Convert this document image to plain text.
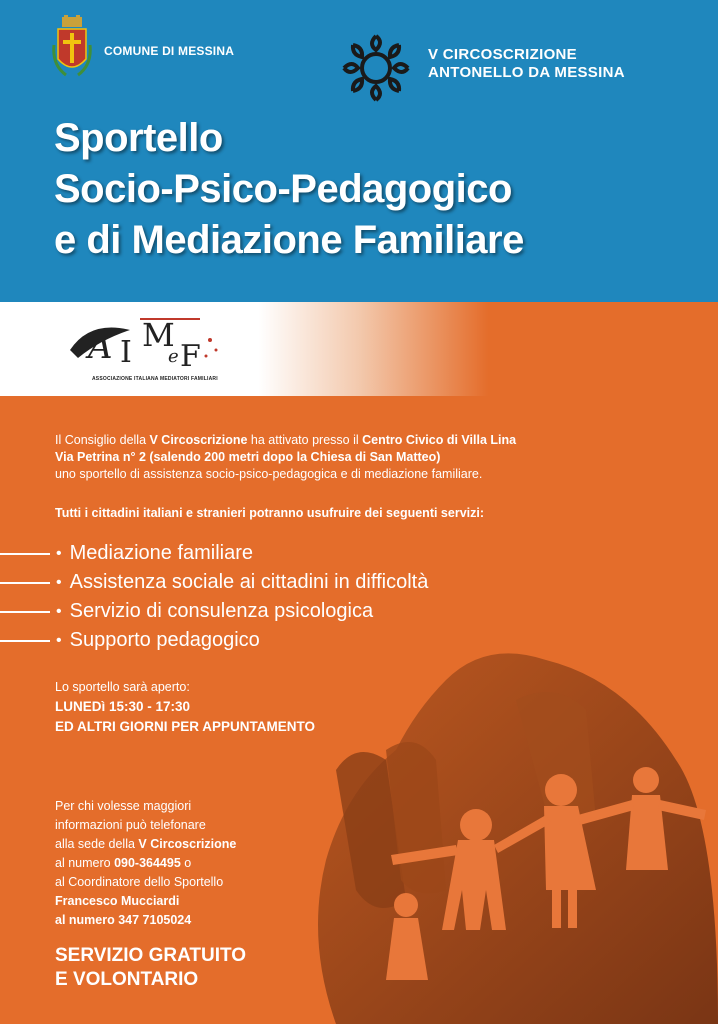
COMUNE DI MESSINA	V CIRCOSCRIZIONE
ANTONELLO DA MESSINA
Sportello
Socio-Psico-Pedagogico
e di Mediazione Familiare
A I M
e F
ASSOCIAZIONE ITALIANA MEDIATORI FAMILIARI
Il Consiglio della V Circoscrizione ha attivato presso il Centro Civico di Villa Lina
Via Petrina n° 2 (salendo 200 metri dopo la Chiesa di San Matteo)
uno sportello di assistenza socio-psico-pedagogica e di mediazione familiare.
Tutti i cittadini italiani e stranieri potranno usufruire dei seguenti servizi:
• Mediazione familiare
• Assistenza sociale ai cittadini in difficoltà
• Servizio di consulenza psicologica
• Supporto pedagogico
Lo sportello sarà aperto:
LUNEDì 15:30 - 17:30
ED ALTRI GIORNI PER APPUNTAMENTO
Per chi volesse maggiori
informazioni può telefonare
alla sede della V Circoscrizione
al numero 090-364495 o
al Coordinatore dello Sportello
Francesco Mucciardi
al numero 347 7105024
SERVIZIO GRATUITO
E VOLONTARIO
